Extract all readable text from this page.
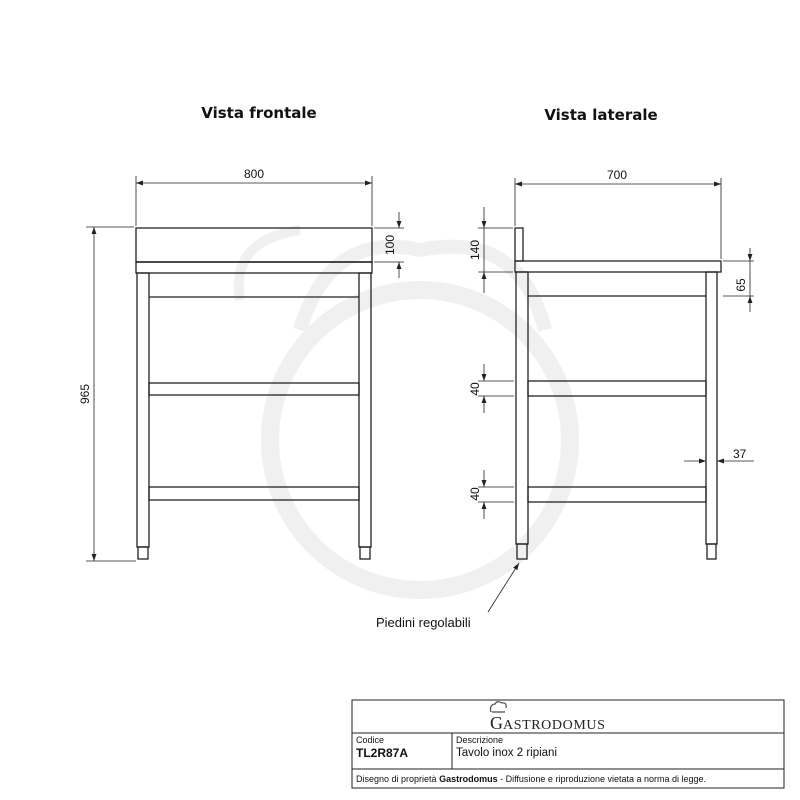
Vista frontale	Vista laterale
800
100
965
700
140
65
40
40
37
Piedini regolabili
GASTRODOMUS
Codice
TL2R87A
Descrizione
Tavolo inox 2 ripiani
Disegno di proprietà Gastrodomus - Diffusione e riproduzione vietata a norma di legge.
